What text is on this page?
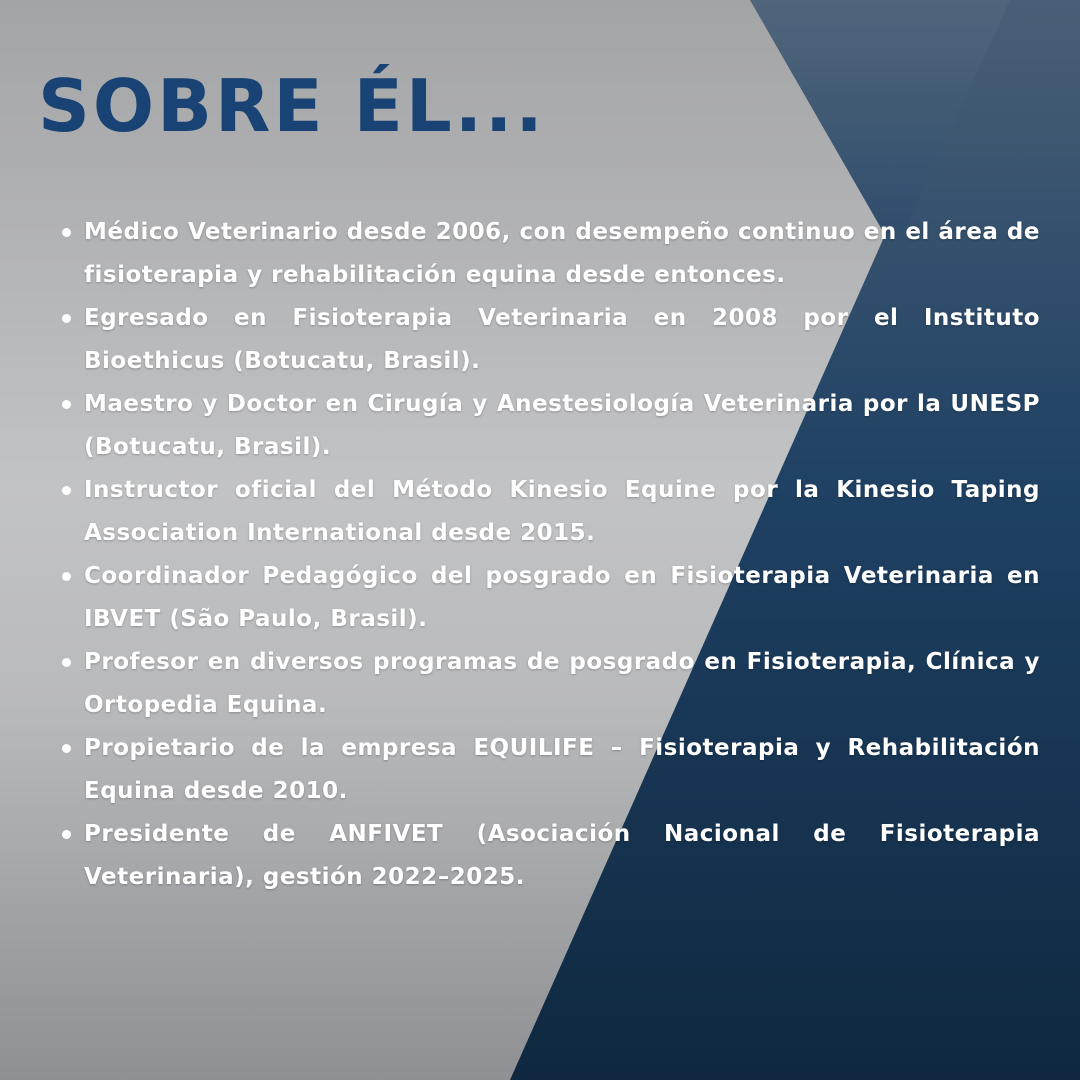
SOBRE ÉL...
Médico Veterinario desde 2006, con desempeño continuo en el área de fisioterapia y rehabilitación equina desde entonces.
Egresado en Fisioterapia Veterinaria en 2008 por el Instituto Bioethicus (Botucatu, Brasil).
Maestro y Doctor en Cirugía y Anestesiología Veterinaria por la UNESP (Botucatu, Brasil).
Instructor oficial del Método Kinesio Equine por la Kinesio Taping Association International desde 2015.
Coordinador Pedagógico del posgrado en Fisioterapia Veterinaria en IBVET (São Paulo, Brasil).
Profesor en diversos programas de posgrado en Fisioterapia, Clínica y Ortopedia Equina.
Propietario de la empresa EQUILIFE – Fisioterapia y Rehabilitación Equina desde 2010.
Presidente de ANFIVET (Asociación Nacional de Fisioterapia Veterinaria), gestión 2022–2025.
